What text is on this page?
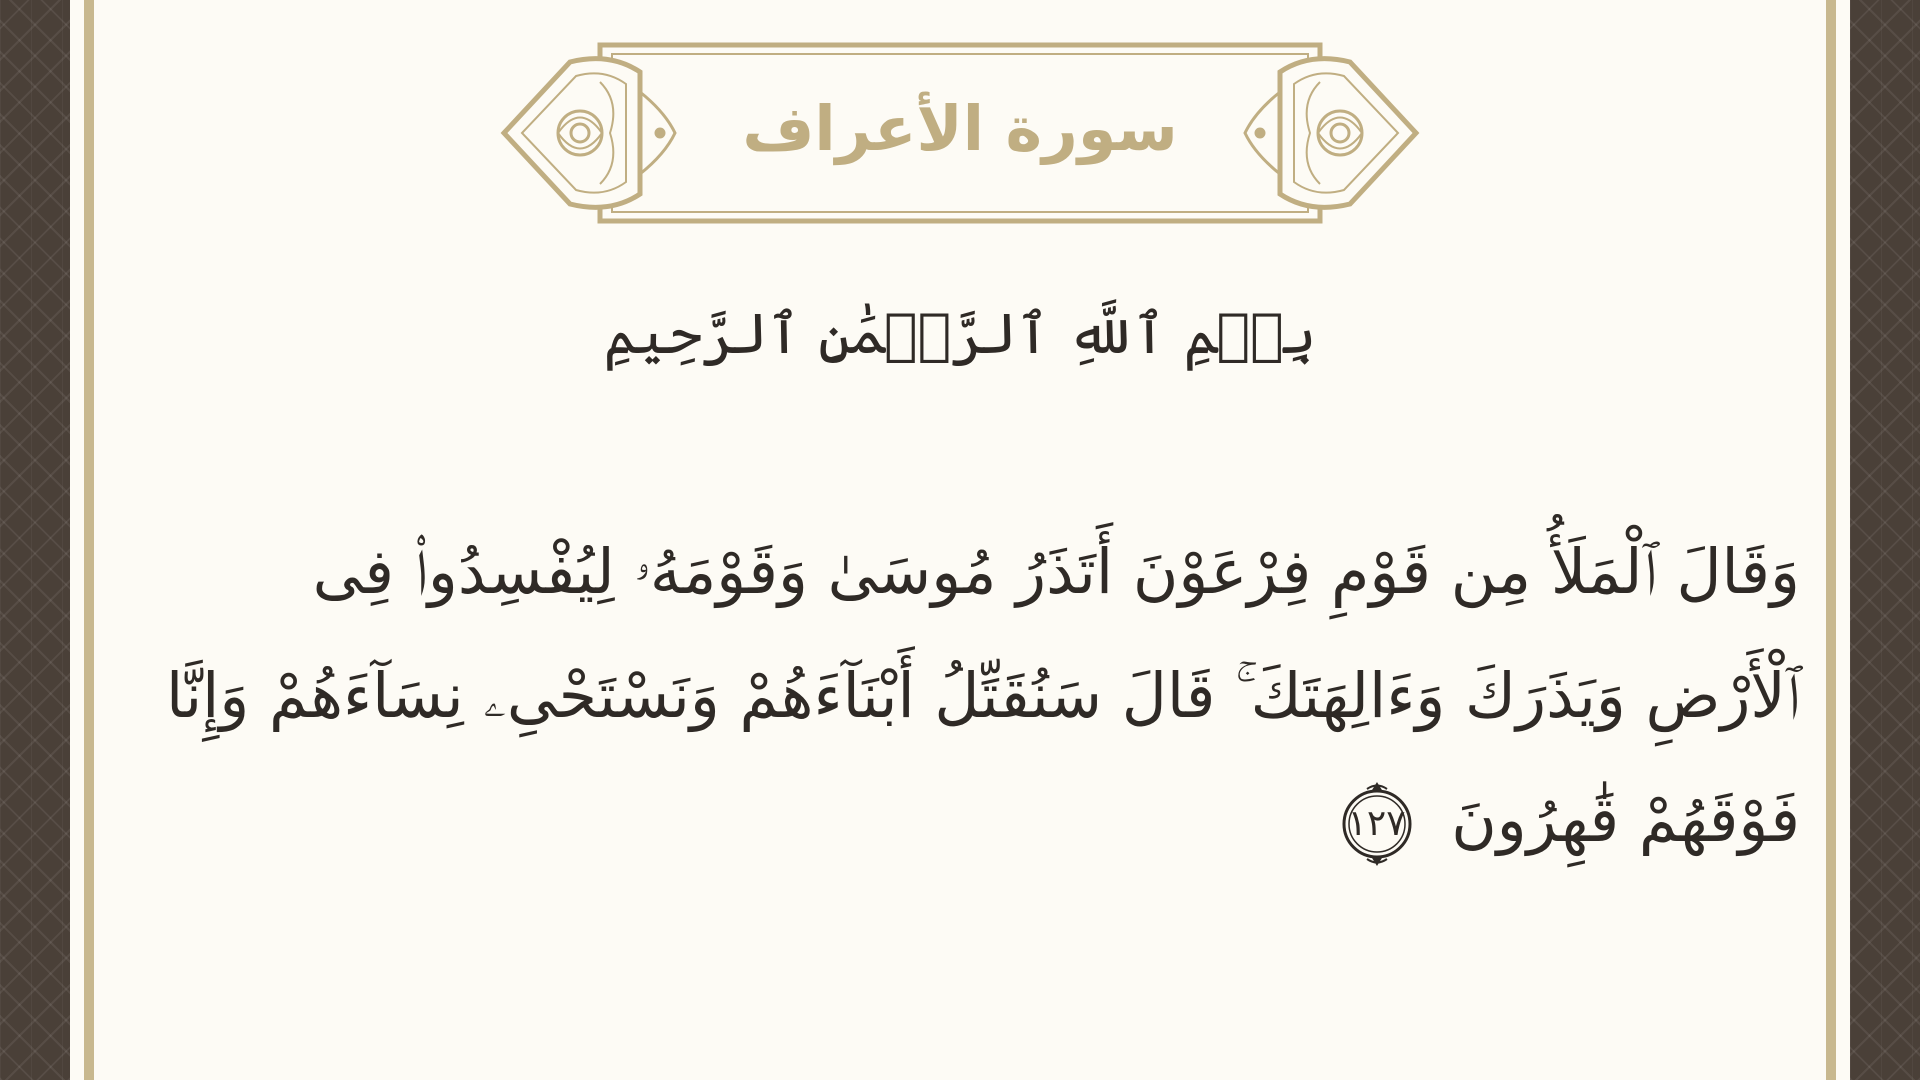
سورة الأعراف
بِسۡمِ ٱللَّهِ ٱلرَّحۡمَٰنِ ٱلرَّحِيمِ

وَقَالَ ٱلْمَلَأُ مِن قَوْمِ فِرْعَوْنَ أَتَذَرُ مُوسَىٰ وَقَوْمَهُۥ لِيُفْسِدُوا۟ فِى ٱلْأَرْضِ وَيَذَرَكَ وَءَالِهَتَكَ ۚ قَالَ سَنُقَتِّلُ أَبْنَآءَهُمْ وَنَسْتَحْىِۦ نِسَآءَهُمْ وَإِنَّا فَوْقَهُمْ قَٰهِرُونَ
١٢٧
